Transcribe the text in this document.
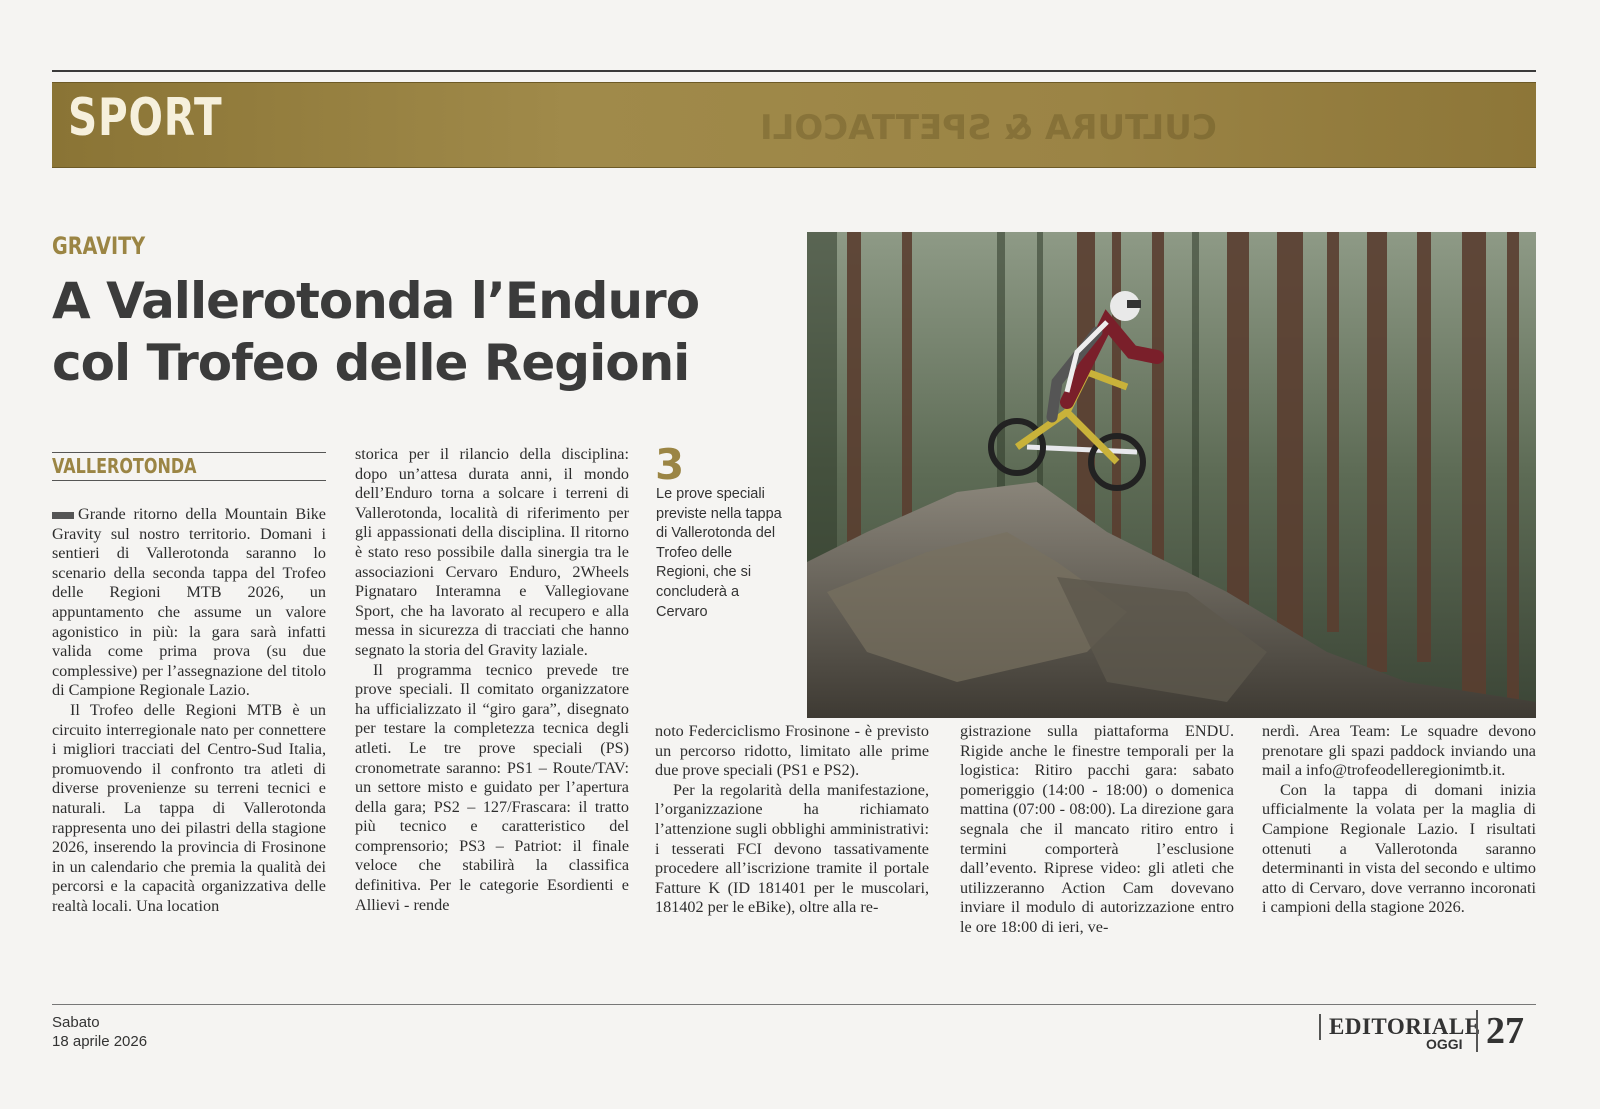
CULTURA & SPETTACOLI
SPORT
GRAVITY
A Vallerotonda l’Enduro
col Trofeo delle Regioni
VALLEROTONDA

Grande ritorno della Mountain Bike Gravity sul nostro territorio. Domani i sentieri di Vallerotonda saranno lo scenario della seconda tappa del Trofeo delle Regioni MTB 2026, un appuntamento che assume un valore agonistico in più: la gara sarà infatti valida come prima prova (su due complessive) per l’assegnazione del titolo di Campione Regionale Lazio.

Il Trofeo delle Regioni MTB è un circuito interregionale nato per connettere i migliori tracciati del Centro-Sud Italia, promuovendo il confronto tra atleti di diverse provenienze su terreni tecnici e naturali. La tappa di Vallerotonda rappresenta uno dei pilastri della stagione 2026, inserendo la provincia di Frosinone in un calendario che premia la qualità dei percorsi e la capacità organizzativa delle realtà locali. Una location

storica per il rilancio della disciplina: dopo un’attesa durata anni, il mondo dell’Enduro torna a solcare i terreni di Vallerotonda, località di riferimento per gli appassionati della disciplina. Il ritorno è stato reso possibile dalla sinergia tra le associazioni Cervaro Enduro, 2Wheels Pignataro Interamna e Vallegiovane Sport, che ha lavorato al recupero e alla messa in sicurezza di tracciati che hanno segnato la storia del Gravity laziale.

Il programma tecnico prevede tre prove speciali. Il comitato organizzatore ha ufficializzato il “giro gara”, disegnato per testare la completezza tecnica degli atleti. Le tre prove speciali (PS) cronometrate saranno: PS1 – Route/TAV: un settore misto e guidato per l’apertura della gara; PS2 – 127/Frascara: il tratto più tecnico e caratteristico del comprensorio; PS3 – Patriot: il finale veloce che stabilirà la classifica definitiva. Per le categorie Esordienti e Allievi - rende

3
Le prove speciali previste nella tappa di Vallerotonda del Trofeo delle Regioni, che si concluderà a Cervaro

noto Federciclismo Frosinone - è previsto un percorso ridotto, limitato alle prime due prove speciali (PS1 e PS2).

Per la regolarità della manifestazione, l’organizzazione ha richiamato l’attenzione sugli obblighi amministrativi: i tesserati FCI devono tassativamente procedere all’iscrizione tramite il portale Fatture K (ID 181401 per le muscolari, 181402 per le eBike), oltre alla re-

gistrazione sulla piattaforma ENDU. Rigide anche le finestre temporali per la logistica: Ritiro pacchi gara: sabato pomeriggio (14:00 - 18:00) o domenica mattina (07:00 - 08:00). La direzione gara segnala che il mancato ritiro entro i termini comporterà l’esclusione dall’evento. Riprese video: gli atleti che utilizzeranno Action Cam dovevano inviare il modulo di autorizzazione entro le ore 18:00 di ieri, ve-

nerdì. Area Team: Le squadre devono prenotare gli spazi paddock inviando una mail a info@trofeodelleregionimtb.it.

Con la tappa di domani inizia ufficialmente la volata per la maglia di Campione Regionale Lazio. I risultati ottenuti a Vallerotonda saranno determinanti in vista del secondo e ultimo atto di Cervaro, dove verranno incoronati i campioni della stagione 2026.

Sabato
18 aprile 2026
EDITORIALE
OGGI 27
